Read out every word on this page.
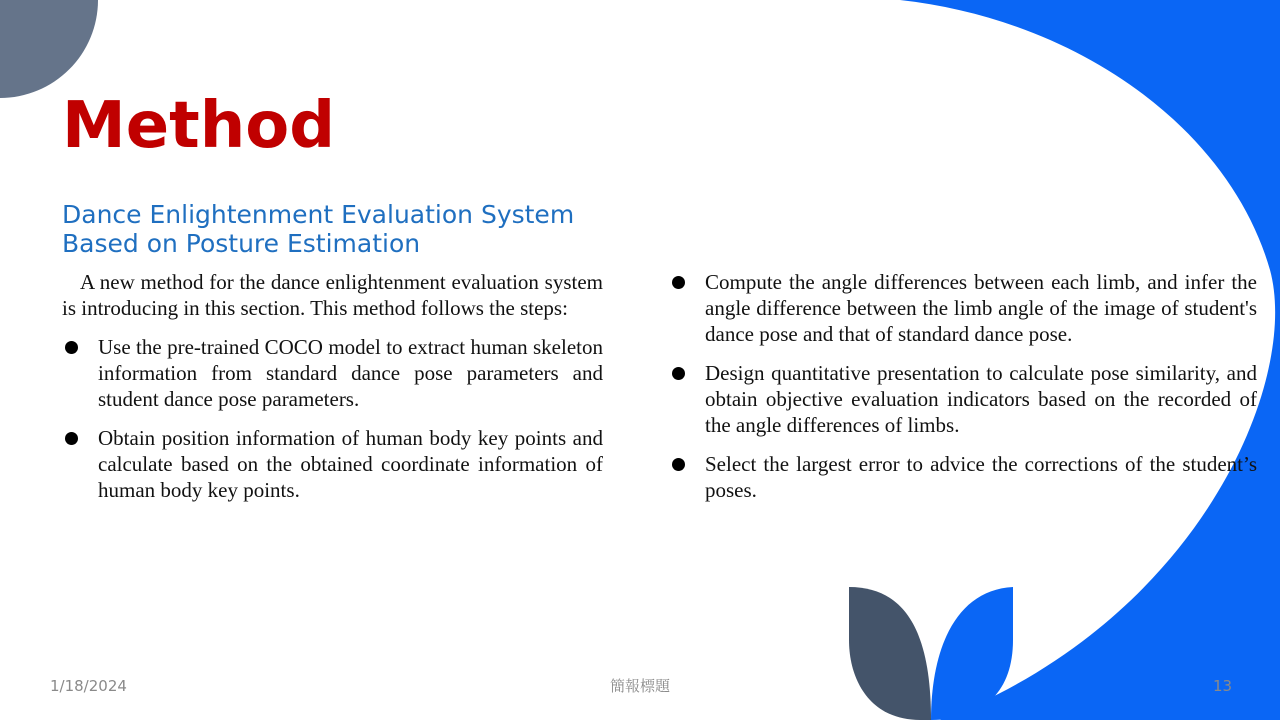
Method
Dance Enlightenment Evaluation System
Based on Posture Estimation

A new method for the dance enlightenment evaluation system is introducing in this section. This method follows the steps:

Use the pre-trained COCO model to extract human skeleton information from standard dance pose parameters and student dance pose parameters.
Obtain position information of human body key points and calculate based on the obtained coordinate information of human body key points.
Compute the angle differences between each limb, and infer the angle difference between the limb angle of the image of student's dance pose and that of standard dance pose.
Design quantitative presentation to calculate pose similarity, and obtain objective evaluation indicators based on the recorded of the angle differences of limbs.
Select the largest error to advice the corrections of the student’s poses.
1/18/2024	簡報標題	13
